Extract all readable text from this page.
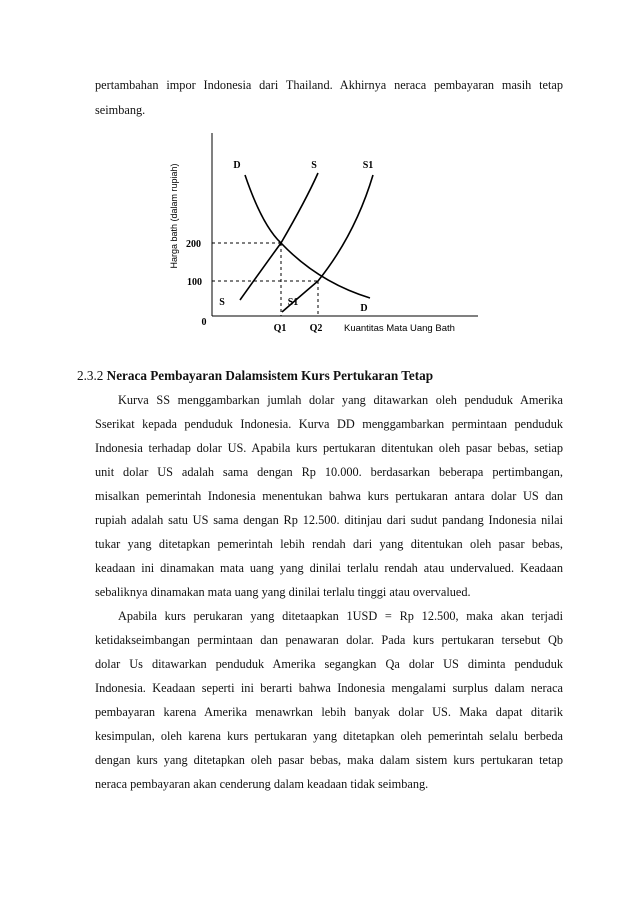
pertambahan impor Indonesia dari Thailand. Akhirnya neraca pembayaran masih tetap
seimbang.
Harga bath (dalam rupiah) 200
100
0
Q1 Q2 Kuantitas Mata Uang Bath
D	S	S1
S	S1
D
2.3.2 Neraca Pembayaran Dalamsistem Kurs Pertukaran Tetap
Kurva SS menggambarkan jumlah dolar yang ditawarkan oleh penduduk Amerika
Sserikat kepada penduduk Indonesia. Kurva DD menggambarkan permintaan penduduk
Indonesia terhadap dolar US. Apabila kurs pertukaran ditentukan oleh pasar bebas, setiap
unit dolar US adalah sama dengan Rp 10.000. berdasarkan beberapa pertimbangan,
misalkan pemerintah Indonesia menentukan bahwa kurs pertukaran antara dolar US dan
rupiah adalah satu US sama dengan Rp 12.500. ditinjau dari sudut pandang Indonesia nilai
tukar yang ditetapkan pemerintah lebih rendah dari yang ditentukan oleh pasar bebas,
keadaan ini dinamakan mata uang yang dinilai terlalu rendah atau undervalued. Keadaan
sebaliknya dinamakan mata uang yang dinilai terlalu tinggi atau overvalued.
Apabila kurs perukaran yang ditetaapkan 1USD = Rp 12.500, maka akan terjadi
ketidakseimbangan permintaan dan penawaran dolar. Pada kurs pertukaran tersebut Qb
dolar Us ditawarkan penduduk Amerika segangkan Qa dolar US diminta penduduk
Indonesia. Keadaan seperti ini berarti bahwa Indonesia mengalami surplus dalam neraca
pembayaran karena Amerika menawrkan lebih banyak dolar US. Maka dapat ditarik
kesimpulan, oleh karena kurs pertukaran yang ditetapkan oleh pemerintah selalu berbeda
dengan kurs yang ditetapkan oleh pasar bebas, maka dalam sistem kurs pertukaran tetap
neraca pembayaran akan cenderung dalam keadaan tidak seimbang.
